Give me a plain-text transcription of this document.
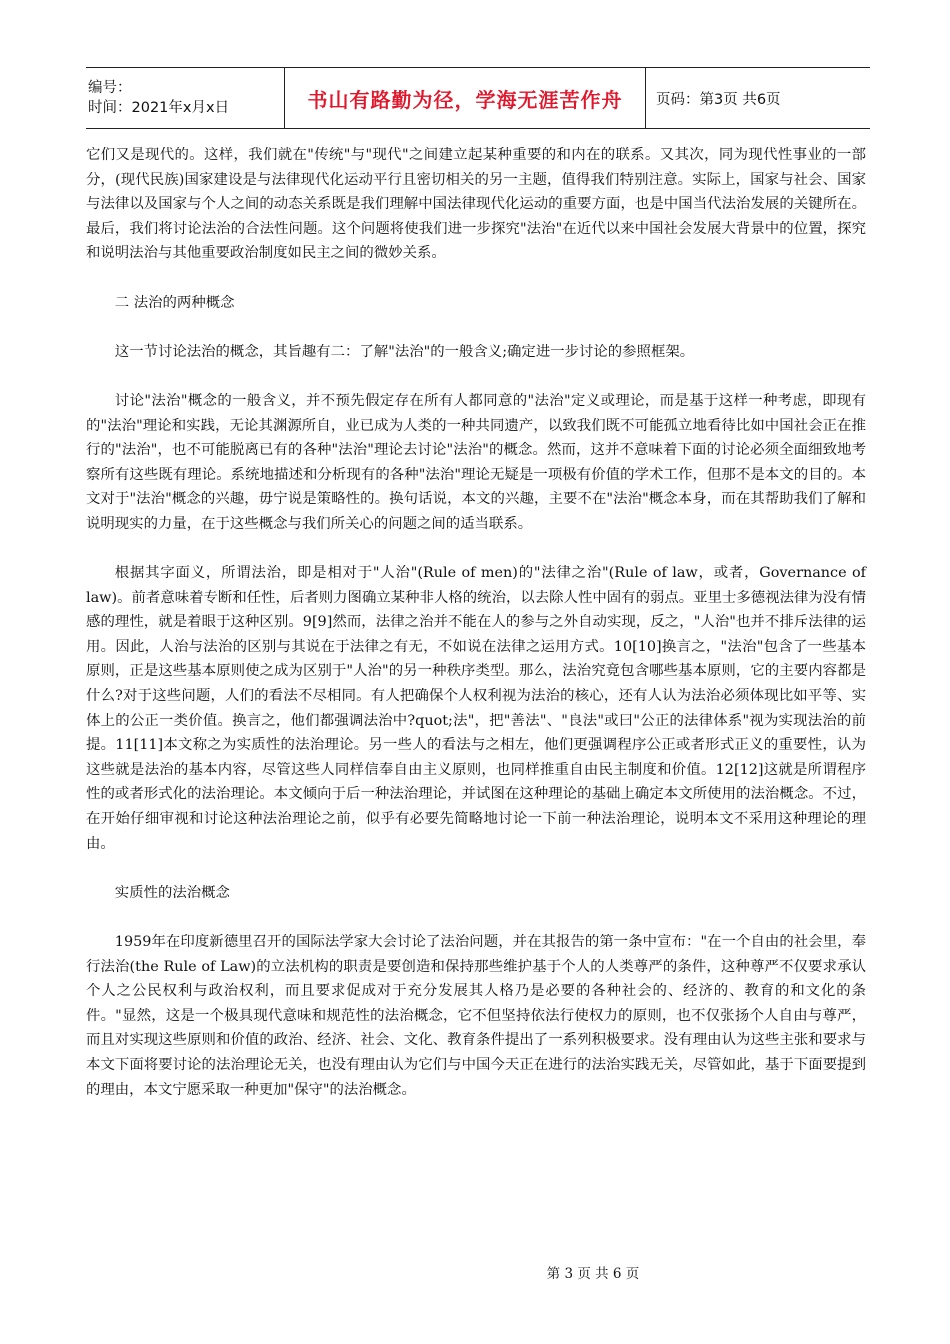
编号：
时间：2021年x月x日	书山有路勤为径，学海无涯苦作舟 页码：第3页 共6页

它们又是现代的。这样，我们就在"传统"与"现代"之间建立起某种重要的和内在的联系。又其次，同为现代性事业的一部分，(现代民族)国家建设是与法律现代化运动平行且密切相关的另一主题，值得我们特别注意。实际上，国家与社会、国家与法律以及国家与个人之间的动态关系既是我们理解中国法律现代化运动的重要方面，也是中国当代法治发展的关键所在。最后，我们将讨论法治的合法性问题。这个问题将使我们进一步探究"法治"在近代以来中国社会发展大背景中的位置，探究和说明法治与其他重要政治制度如民主之间的微妙关系。

二 法治的两种概念

这一节讨论法治的概念，其旨趣有二：了解"法治"的一般含义;确定进一步讨论的参照框架。

讨论"法治"概念的一般含义，并不预先假定存在所有人都同意的"法治"定义或理论，而是基于这样一种考虑，即现有的"法治"理论和实践，无论其渊源所自，业已成为人类的一种共同遗产，以致我们既不可能孤立地看待比如中国社会正在推行的"法治"，也不可能脱离已有的各种"法治"理论去讨论"法治"的概念。然而，这并不意味着下面的讨论必须全面细致地考察所有这些既有理论。系统地描述和分析现有的各种"法治"理论无疑是一项极有价值的学术工作，但那不是本文的目的。本文对于"法治"概念的兴趣，毋宁说是策略性的。换句话说，本文的兴趣，主要不在"法治"概念本身，而在其帮助我们了解和说明现实的力量，在于这些概念与我们所关心的问题之间的适当联系。

根据其字面义，所谓法治，即是相对于"人治"(Rule of men)的"法律之治"(Rule of law，或者，Governance of law)。前者意味着专断和任性，后者则力图确立某种非人格的统治，以去除人性中固有的弱点。亚里士多德视法律为没有情感的理性，就是着眼于这种区别。9[9]然而，法律之治并不能在人的参与之外自动实现，反之，"人治"也并不排斥法律的运用。因此，人治与法治的区别与其说在于法律之有无，不如说在法律之运用方式。10[10]换言之，"法治"包含了一些基本原则，正是这些基本原则使之成为区别于"人治"的另一种秩序类型。那么，法治究竟包含哪些基本原则，它的主要内容都是什么?对于这些问题，人们的看法不尽相同。有人把确保个人权利视为法治的核心，还有人认为法治必须体现比如平等、实体上的公正一类价值。换言之，他们都强调法治中?quot;法"，把"善法"、"良法"或曰"公正的法律体系"视为实现法治的前提。11[11]本文称之为实质性的法治理论。另一些人的看法与之相左，他们更强调程序公正或者形式正义的重要性，认为这些就是法治的基本内容，尽管这些人同样信奉自由主义原则，也同样推重自由民主制度和价值。12[12]这就是所谓程序性的或者形式化的法治理论。本文倾向于后一种法治理论，并试图在这种理论的基础上确定本文所使用的法治概念。不过，在开始仔细审视和讨论这种法治理论之前，似乎有必要先简略地讨论一下前一种法治理论，说明本文不采用这种理论的理由。

实质性的法治概念

1959年在印度新德里召开的国际法学家大会讨论了法治问题，并在其报告的第一条中宣布："在一个自由的社会里，奉行法治(the Rule of Law)的立法机构的职责是要创造和保持那些维护基于个人的人类尊严的条件，这种尊严不仅要求承认个人之公民权利与政治权利，而且要求促成对于充分发展其人格乃是必要的各种社会的、经济的、教育的和文化的条件。"显然，这是一个极具现代意味和规范性的法治概念，它不但坚持依法行使权力的原则，也不仅张扬个人自由与尊严，而且对实现这些原则和价值的政治、经济、社会、文化、教育条件提出了一系列积极要求。没有理由认为这些主张和要求与本文下面将要讨论的法治理论无关，也没有理由认为它们与中国今天正在进行的法治实践无关，尽管如此，基于下面要提到的理由，本文宁愿采取一种更加"保守"的法治概念。

第 3 页 共 6 页
